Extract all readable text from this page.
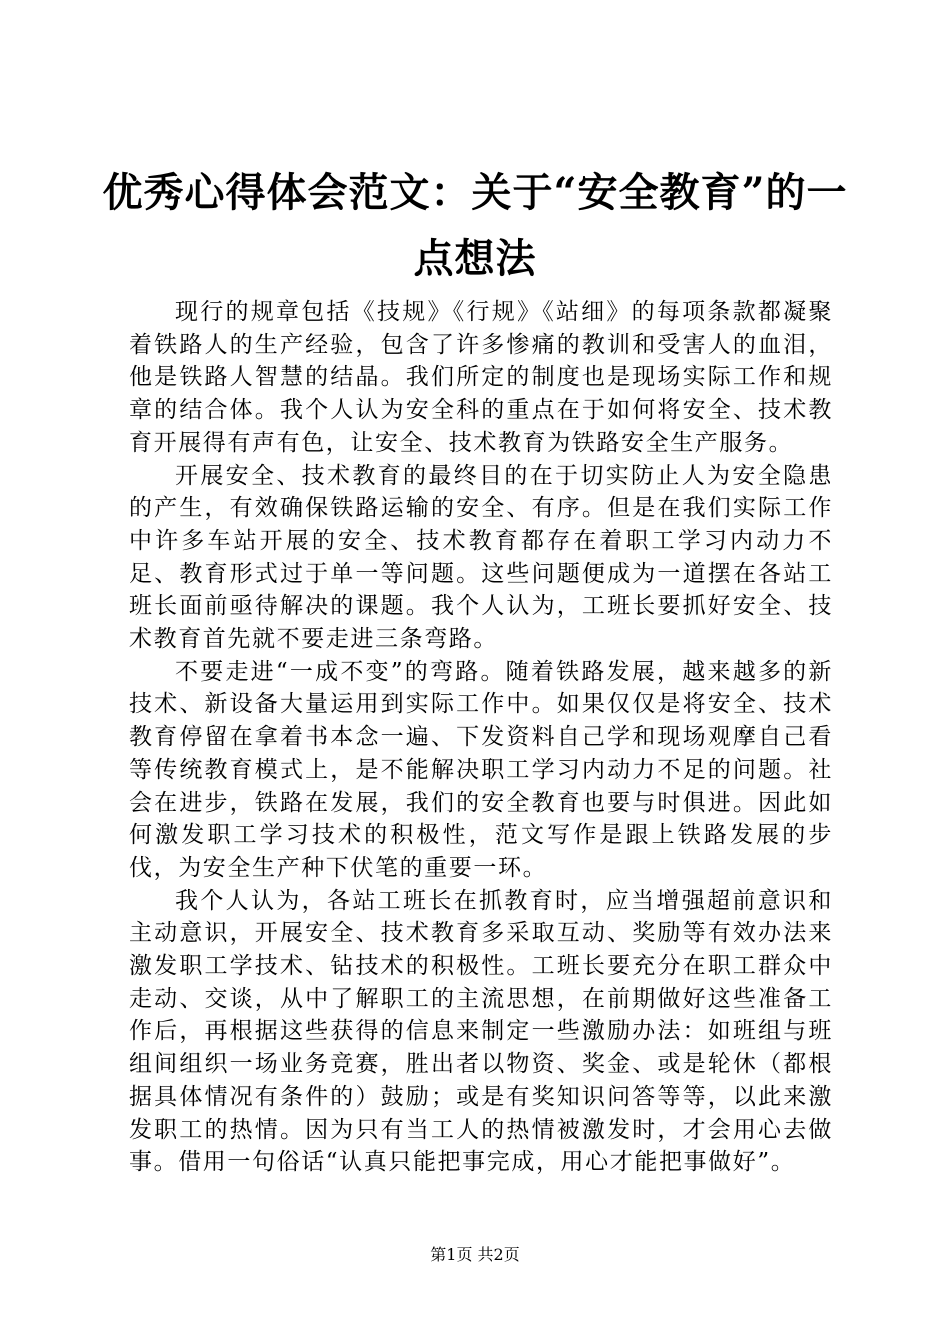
优秀心得体会范文：关于“安全教育”的一点想法

现行的规章包括《技规》《行规》《站细》的每项条款都凝聚着铁路人的生产经验，包含了许多惨痛的教训和受害人的血泪，他是铁路人智慧的结晶。我们所定的制度也是现场实际工作和规章的结合体。我个人认为安全科的重点在于如何将安全、技术教育开展得有声有色，让安全、技术教育为铁路安全生产服务。

开展安全、技术教育的最终目的在于切实防止人为安全隐患的产生，有效确保铁路运输的安全、有序。但是在我们实际工作中许多车站开展的安全、技术教育都存在着职工学习内动力不足、教育形式过于单一等问题。这些问题便成为一道摆在各站工班长面前亟待解决的课题。我个人认为，工班长要抓好安全、技术教育首先就不要走进三条弯路。

不要走进“一成不变”的弯路。随着铁路发展，越来越多的新技术、新设备大量运用到实际工作中。如果仅仅是将安全、技术教育停留在拿着书本念一遍、下发资料自己学和现场观摩自己看等传统教育模式上，是不能解决职工学习内动力不足的问题。社会在进步，铁路在发展，我们的安全教育也要与时俱进。因此如何激发职工学习技术的积极性，范文写作是跟上铁路发展的步伐，为安全生产种下伏笔的重要一环。

我个人认为，各站工班长在抓教育时，应当增强超前意识和主动意识，开展安全、技术教育多采取互动、奖励等有效办法来激发职工学技术、钻技术的积极性。工班长要充分在职工群众中走动、交谈，从中了解职工的主流思想，在前期做好这些准备工作后，再根据这些获得的信息来制定一些激励办法：如班组与班组间组织一场业务竞赛，胜出者以物资、奖金、或是轮休（都根据具体情况有条件的）鼓励；或是有奖知识问答等等，以此来激发职工的热情。因为只有当工人的热情被激发时，才会用心去做事。借用一句俗话“认真只能把事完成，用心才能把事做好”。

第1页 共2页
